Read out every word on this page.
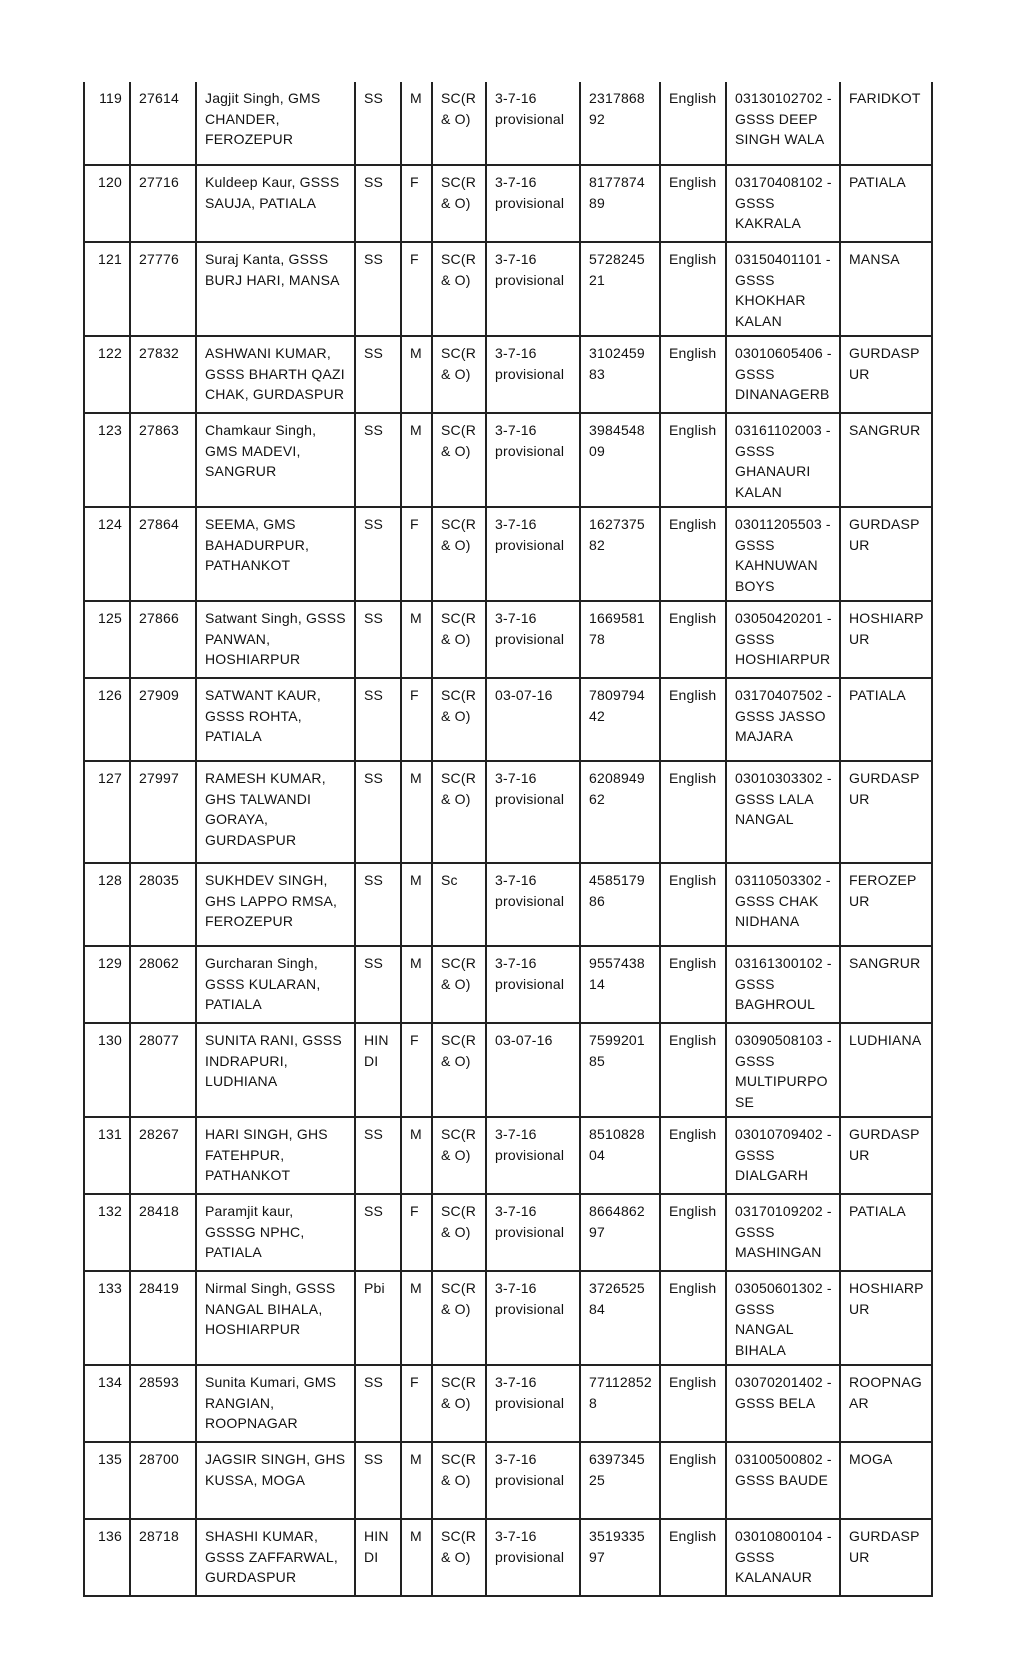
119	27614	Jagjit Singh, GMS CHANDER, FEROZEPUR	SS	M	SC(R & O)	3-7-16 provisional	231786892	English	03130102702 - GSSS DEEP SINGH WALA	FARIDKOT
120	27716	Kuldeep Kaur, GSSS SAUJA, PATIALA	SS	F	SC(R & O)	3-7-16 provisional	817787489	English	03170408102 - GSSS KAKRALA	PATIALA
121	27776	Suraj Kanta, GSSS BURJ HARI, MANSA	SS	F	SC(R & O)	3-7-16 provisional	572824521	English	03150401101 - GSSS KHOKHAR KALAN	MANSA
122	27832	ASHWANI KUMAR, GSSS BHARTH QAZI CHAK, GURDASPUR	SS	M	SC(R & O)	3-7-16 provisional	310245983	English	03010605406 - GSSS DINANAGERB	GURDASPUR
123	27863	Chamkaur Singh, GMS MADEVI, SANGRUR	SS	M	SC(R & O)	3-7-16 provisional	398454809	English	03161102003 - GSSS GHANAURI KALAN	SANGRUR
124	27864	SEEMA, GMS BAHADURPUR, PATHANKOT	SS	F	SC(R & O)	3-7-16 provisional	162737582	English	03011205503 - GSSS KAHNUWAN BOYS	GURDASPUR
125	27866	Satwant Singh, GSSS PANWAN, HOSHIARPUR	SS	M	SC(R & O)	3-7-16 provisional	166958178	English	03050420201 - GSSS HOSHIARPUR	HOSHIARPUR
126	27909	SATWANT KAUR, GSSS ROHTA, PATIALA	SS	F	SC(R & O)	03-07-16	780979442	English	03170407502 - GSSS JASSO MAJARA	PATIALA
127	27997	RAMESH KUMAR, GHS TALWANDI GORAYA, GURDASPUR	SS	M	SC(R & O)	3-7-16 provisional	620894962	English	03010303302 - GSSS LALA NANGAL	GURDASPUR
128	28035	SUKHDEV SINGH, GHS LAPPO RMSA, FEROZEPUR	SS	M	Sc	3-7-16 provisional	458517986	English	03110503302 - GSSS CHAK NIDHANA	FEROZEPUR
129	28062	Gurcharan Singh, GSSS KULARAN, PATIALA	SS	M	SC(R & O)	3-7-16 provisional	955743814	English	03161300102 - GSSS BAGHROUL	SANGRUR
130	28077	SUNITA RANI, GSSS INDRAPURI, LUDHIANA	HINDI	F	SC(R & O)	03-07-16	759920185	English	03090508103 - GSSS MULTIPURPOSE	LUDHIANA
131	28267	HARI SINGH, GHS FATEHPUR, PATHANKOT	SS	M	SC(R & O)	3-7-16 provisional	851082804	English	03010709402 - GSSS DIALGARH	GURDASPUR
132	28418	Paramjit kaur, GSSSG NPHC, PATIALA	SS	F	SC(R & O)	3-7-16 provisional	866486297	English	03170109202 - GSSS MASHINGAN	PATIALA
133	28419	Nirmal Singh, GSSS NANGAL BIHALA, HOSHIARPUR	Pbi	M	SC(R & O)	3-7-16 provisional	372652584	English	03050601302 - GSSS NANGAL BIHALA	HOSHIARPUR
134	28593	Sunita Kumari, GMS RANGIAN, ROOPNAGAR	SS	F	SC(R & O)	3-7-16 provisional	771128528	English	03070201402 - GSSS BELA	ROOPNAGAR
135	28700	JAGSIR SINGH, GHS KUSSA, MOGA	SS	M	SC(R & O)	3-7-16 provisional	639734525	English	03100500802 - GSSS BAUDE	MOGA
136	28718	SHASHI KUMAR, GSSS ZAFFARWAL, GURDASPUR	HINDI	M	SC(R & O)	3-7-16 provisional	351933597	English	03010800104 - GSSS KALANAUR	GURDASPUR
